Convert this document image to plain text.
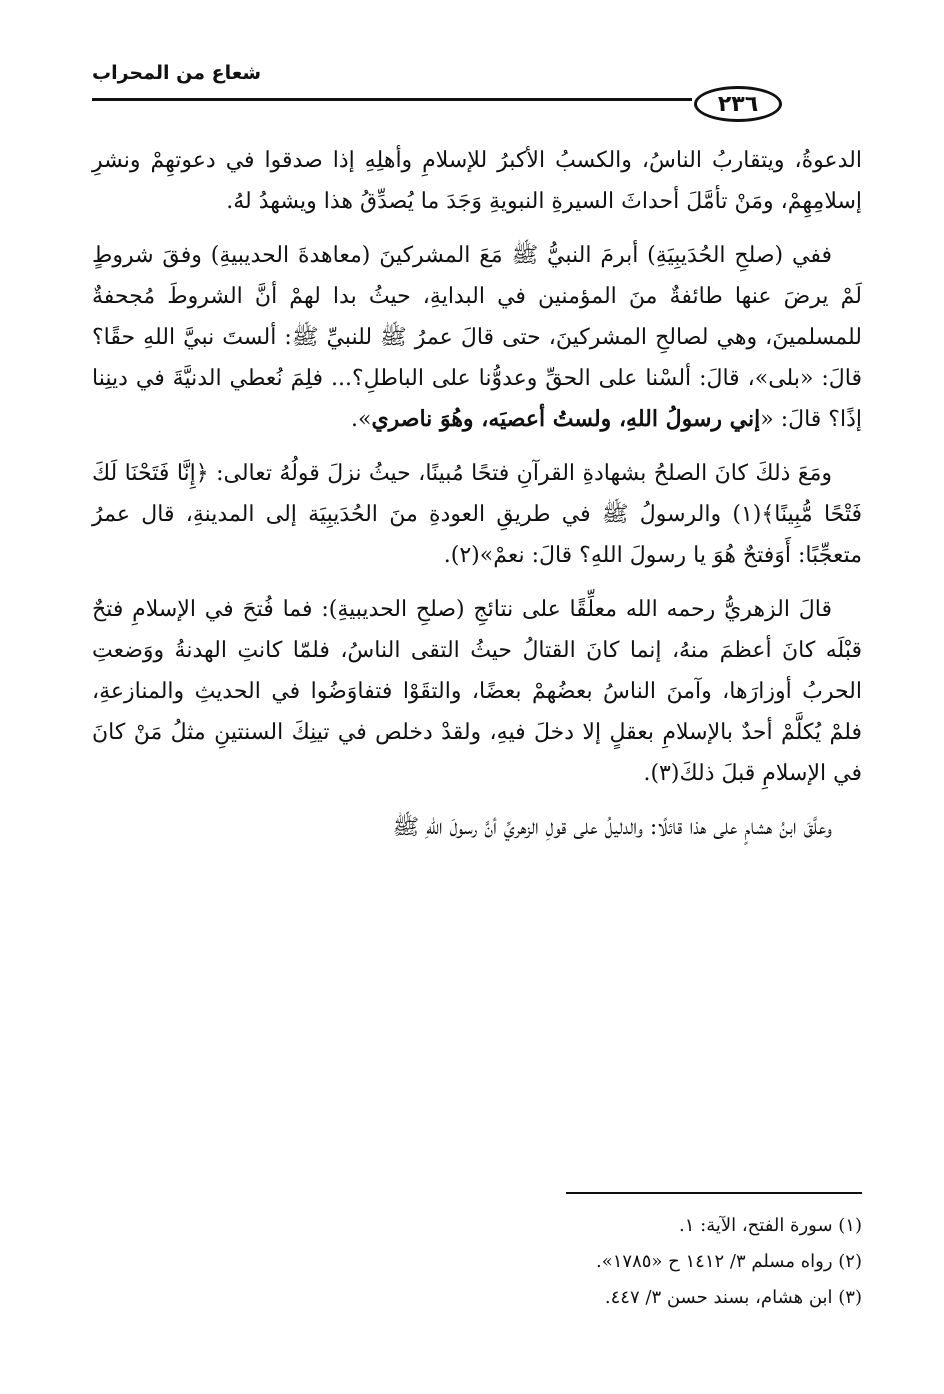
شعاع من المحراب
٢٣٦

الدعوةُ، ويتقاربُ الناسُ، والكسبُ الأكبرُ للإسلامِ وأهلِهِ إذا صدقوا في دعوتهِمْ ونشرِ إسلامِهِمْ، ومَنْ تأمَّلَ أحداثَ السيرةِ النبويةِ وَجَدَ ما يُصدِّقُ هذا ويشهدُ لهُ.

ففي (صلحِ الحُدَيبِيَةِ) أبرمَ النبيُّ ﷺ مَعَ المشركينَ (معاهدةَ الحديبيةِ) وفقَ شروطٍ لَمْ يرضَ عنها طائفةٌ منَ المؤمنين في البدايةِ، حيثُ بدا لهمْ أنَّ الشروطَ مُجحفةٌ للمسلمينَ، وهي لصالحِ المشركينَ، حتى قالَ عمرُ ﷺ للنبيِّ ﷺ: ألستَ نبيَّ اللهِ حقًا؟ قالَ: «بلى»، قالَ: ألسْنا على الحقِّ وعدوُّنا على الباطلِ؟... فلِمَ نُعطي الدنيَّةَ في دينِنا إذًا؟ قالَ: «إني رسولُ اللهِ، ولستُ أعصيَه، وهُوَ ناصري».

ومَعَ ذلكَ كانَ الصلحُ بشهادةِ القرآنِ فتحًا مُبينًا، حيثُ نزلَ قولُهُ تعالى: ﴿إِنَّا فَتَحْنَا لَكَ فَتْحًا مُّبِينًا﴾(١) والرسولُ ﷺ في طريقِ العودةِ منَ الحُدَيبِيَة إلى المدينةِ، قال عمرُ متعجِّبًا: أَوَفتحٌ هُوَ يا رسولَ اللهِ؟ قالَ: نعمْ»(٢).

قالَ الزهريُّ رحمه الله معلِّقًا على نتائجِ (صلحِ الحديبيةِ): فما فُتحَ في الإسلامِ فتحٌ قبْلَه كانَ أعظمَ منهُ، إنما كانَ القتالُ حيثُ التقى الناسُ، فلمّا كانتِ الهدنةُ ووَضعتِ الحربُ أوزارَها، وآمنَ الناسُ بعضُهمْ بعضًا، والتقَوْا فتفاوَضُوا في الحديثِ والمنازعةِ، فلمْ يُكلَّمْ أحدٌ بالإسلامِ بعقلٍ إلا دخلَ فيهِ، ولقدْ دخلص في تينِكَ السنتينِ مثلُ مَنْ كانَ في الإسلامِ قبلَ ذلكَ(٣).

وعلَّقَ ابنُ هشامٍ على هذا قائلًا: والدليلُ على قولِ الزهريِّ أنَّ رسولَ اللهِ ﷺ

(١) سورة الفتح، الآية: ١.
(٢) رواه مسلم ٣/ ١٤١٢ ح «١٧٨٥».
(٣) ابن هشام، بسند حسن ٣/ ٤٤٧.
